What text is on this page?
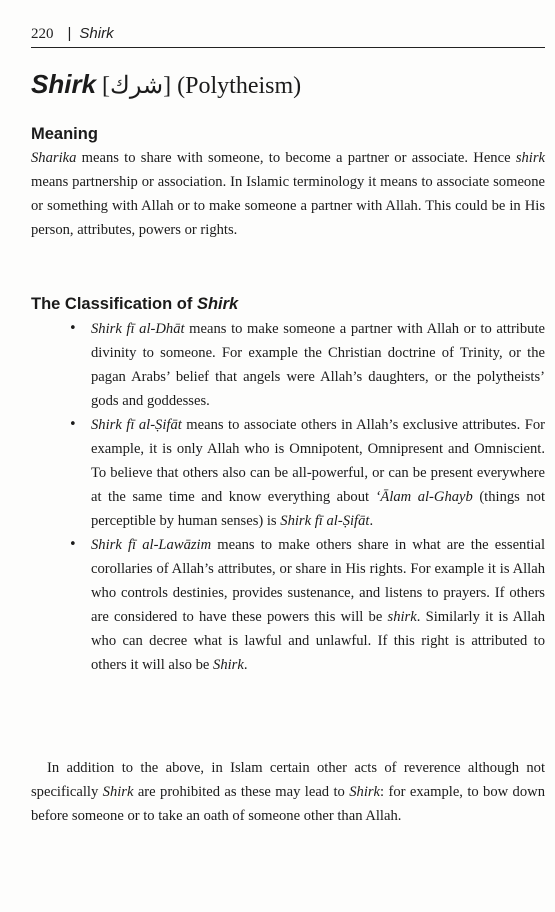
220 | Shirk
Shirk [شرك] (Polytheism)
Meaning

Sharika means to share with someone, to become a partner or associate. Hence shirk means partnership or association. In Islamic terminology it means to associate someone or something with Allah or to make someone a partner with Allah. This could be in His person, attributes, powers or rights.

The Classification of Shirk
• Shirk fī al-Dhāt means to make someone a partner with Allah or to attribute divinity to someone. For example the Christian doctrine of Trinity, or the pagan Arabs’ belief that angels were Allah’s daughters, or the polytheists’ gods and goddesses.
• Shirk fī al-Ṣifāt means to associate others in Allah’s exclusive attributes. For example, it is only Allah who is Omnipotent, Omnipresent and Omniscient. To believe that others also can be all-powerful, or can be present everywhere at the same time and know everything about ‘Ālam al-Ghayb (things not perceptible by human senses) is Shirk fī al-Ṣifāt.
• Shirk fī al-Lawāzim means to make others share in what are the essential corollaries of Allah’s attributes, or share in His rights. For example it is Allah who controls destinies, provides sustenance, and listens to prayers. If others are considered to have these powers this will be shirk. Similarly it is Allah who can decree what is lawful and unlawful. If this right is attributed to others it will also be Shirk.

In addition to the above, in Islam certain other acts of reverence although not specifically Shirk are prohibited as these may lead to Shirk: for example, to bow down before someone or to take an oath of someone other than Allah.
